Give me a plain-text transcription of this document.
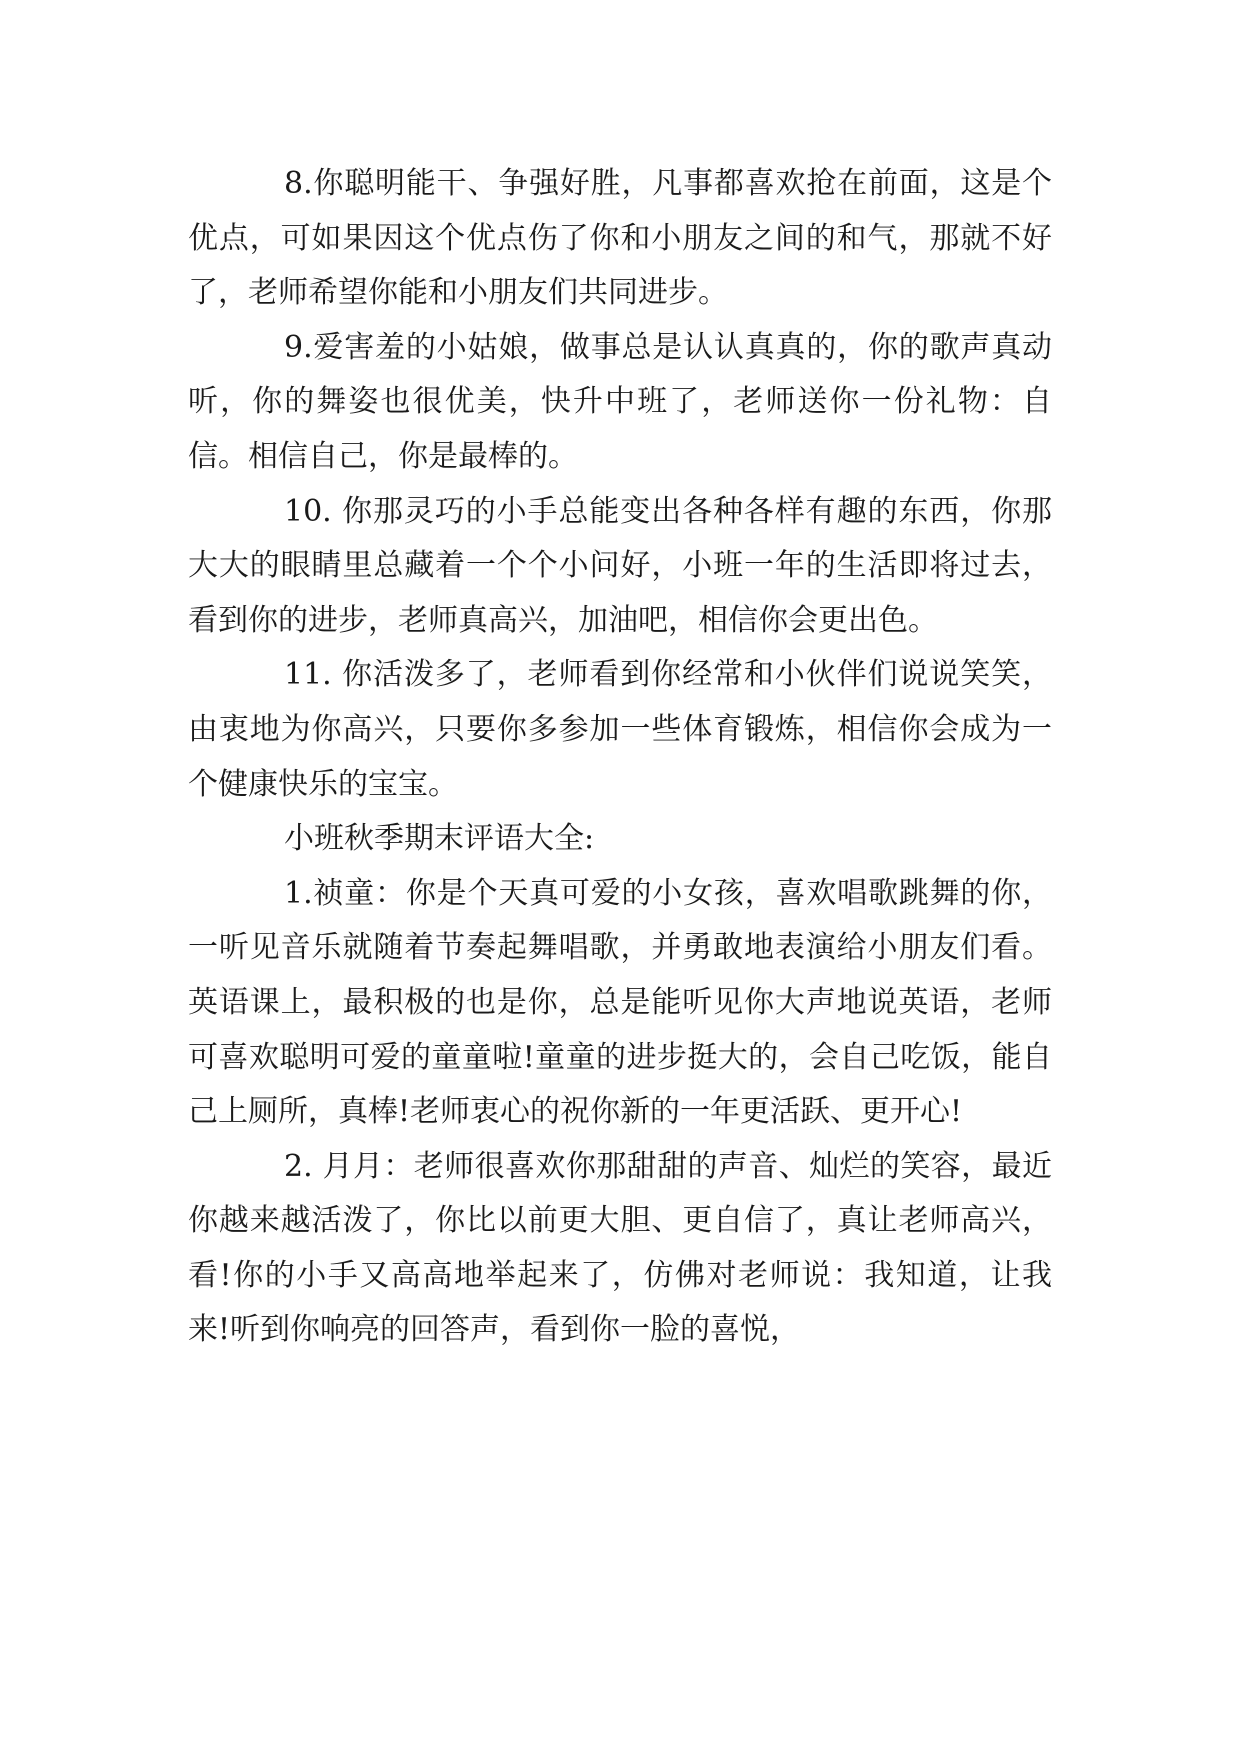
8.你聪明能干、争强好胜，凡事都喜欢抢在前面，这是个优点，可如果因这个优点伤了你和小朋友之间的和气，那就不好了，老师希望你能和小朋友们共同进步。

9.爱害羞的小姑娘，做事总是认认真真的，你的歌声真动听，你的舞姿也很优美，快升中班了，老师送你一份礼物：自信。相信自己，你是最棒的。

10. 你那灵巧的小手总能变出各种各样有趣的东西，你那大大的眼睛里总藏着一个个小问好，小班一年的生活即将过去，看到你的进步，老师真高兴，加油吧，相信你会更出色。

11. 你活泼多了，老师看到你经常和小伙伴们说说笑笑，由衷地为你高兴，只要你多参加一些体育锻炼，相信你会成为一个健康快乐的宝宝。

小班秋季期末评语大全:

1.祯童：你是个天真可爱的小女孩，喜欢唱歌跳舞的你，一听见音乐就随着节奏起舞唱歌，并勇敢地表演给小朋友们看。英语课上，最积极的也是你，总是能听见你大声地说英语，老师可喜欢聪明可爱的童童啦!童童的进步挺大的，会自己吃饭，能自己上厕所，真棒!老师衷心的祝你新的一年更活跃、更开心!

2. 月月：老师很喜欢你那甜甜的声音、灿烂的笑容，最近你越来越活泼了，你比以前更大胆、更自信了，真让老师高兴，看!你的小手又高高地举起来了，仿佛对老师说：我知道，让我来!听到你响亮的回答声，看到你一脸的喜悦，
